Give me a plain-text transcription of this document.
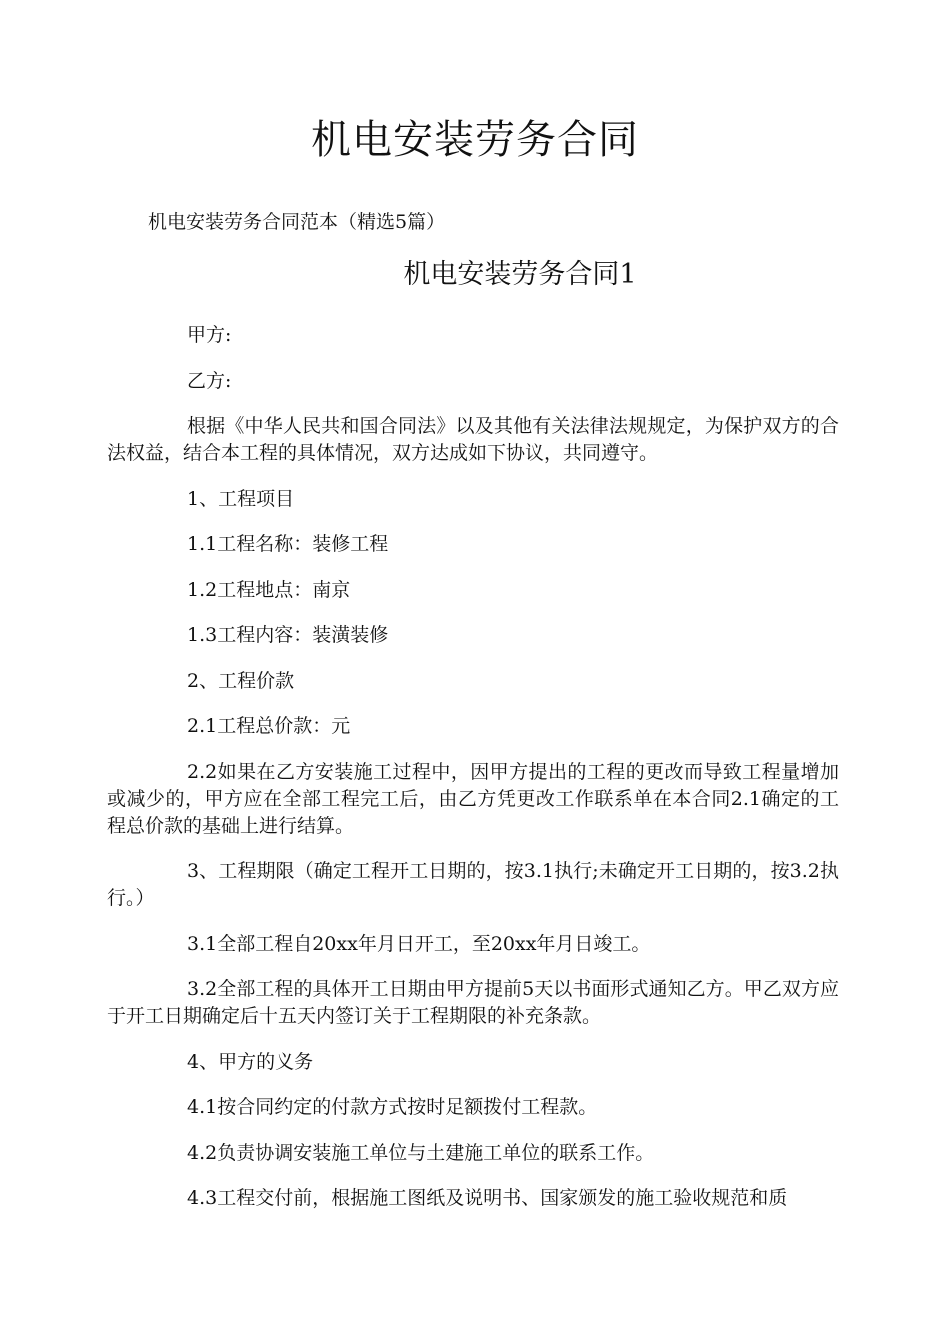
机电安装劳务合同

机电安装劳务合同范本（精选5篇）

机电安装劳务合同1

甲方:

乙方:

根据《中华人民共和国合同法》以及其他有关法律法规规定，为保护双方的合法权益，结合本工程的具体情况，双方达成如下协议，共同遵守。

1、工程项目

1.1工程名称：装修工程

1.2工程地点：南京

1.3工程内容：装潢装修

2、工程价款

2.1工程总价款：元

2.2如果在乙方安装施工过程中，因甲方提出的工程的更改而导致工程量增加或减少的，甲方应在全部工程完工后，由乙方凭更改工作联系单在本合同2.1确定的工程总价款的基础上进行结算。

3、工程期限（确定工程开工日期的，按3.1执行;未确定开工日期的，按3.2执行。）

3.1全部工程自20xx年月日开工，至20xx年月日竣工。

3.2全部工程的具体开工日期由甲方提前5天以书面形式通知乙方。甲乙双方应于开工日期确定后十五天内签订关于工程期限的补充条款。

4、甲方的义务

4.1按合同约定的付款方式按时足额拨付工程款。

4.2负责协调安装施工单位与土建施工单位的联系工作。

4.3工程交付前，根据施工图纸及说明书、国家颁发的施工验收规范和质
